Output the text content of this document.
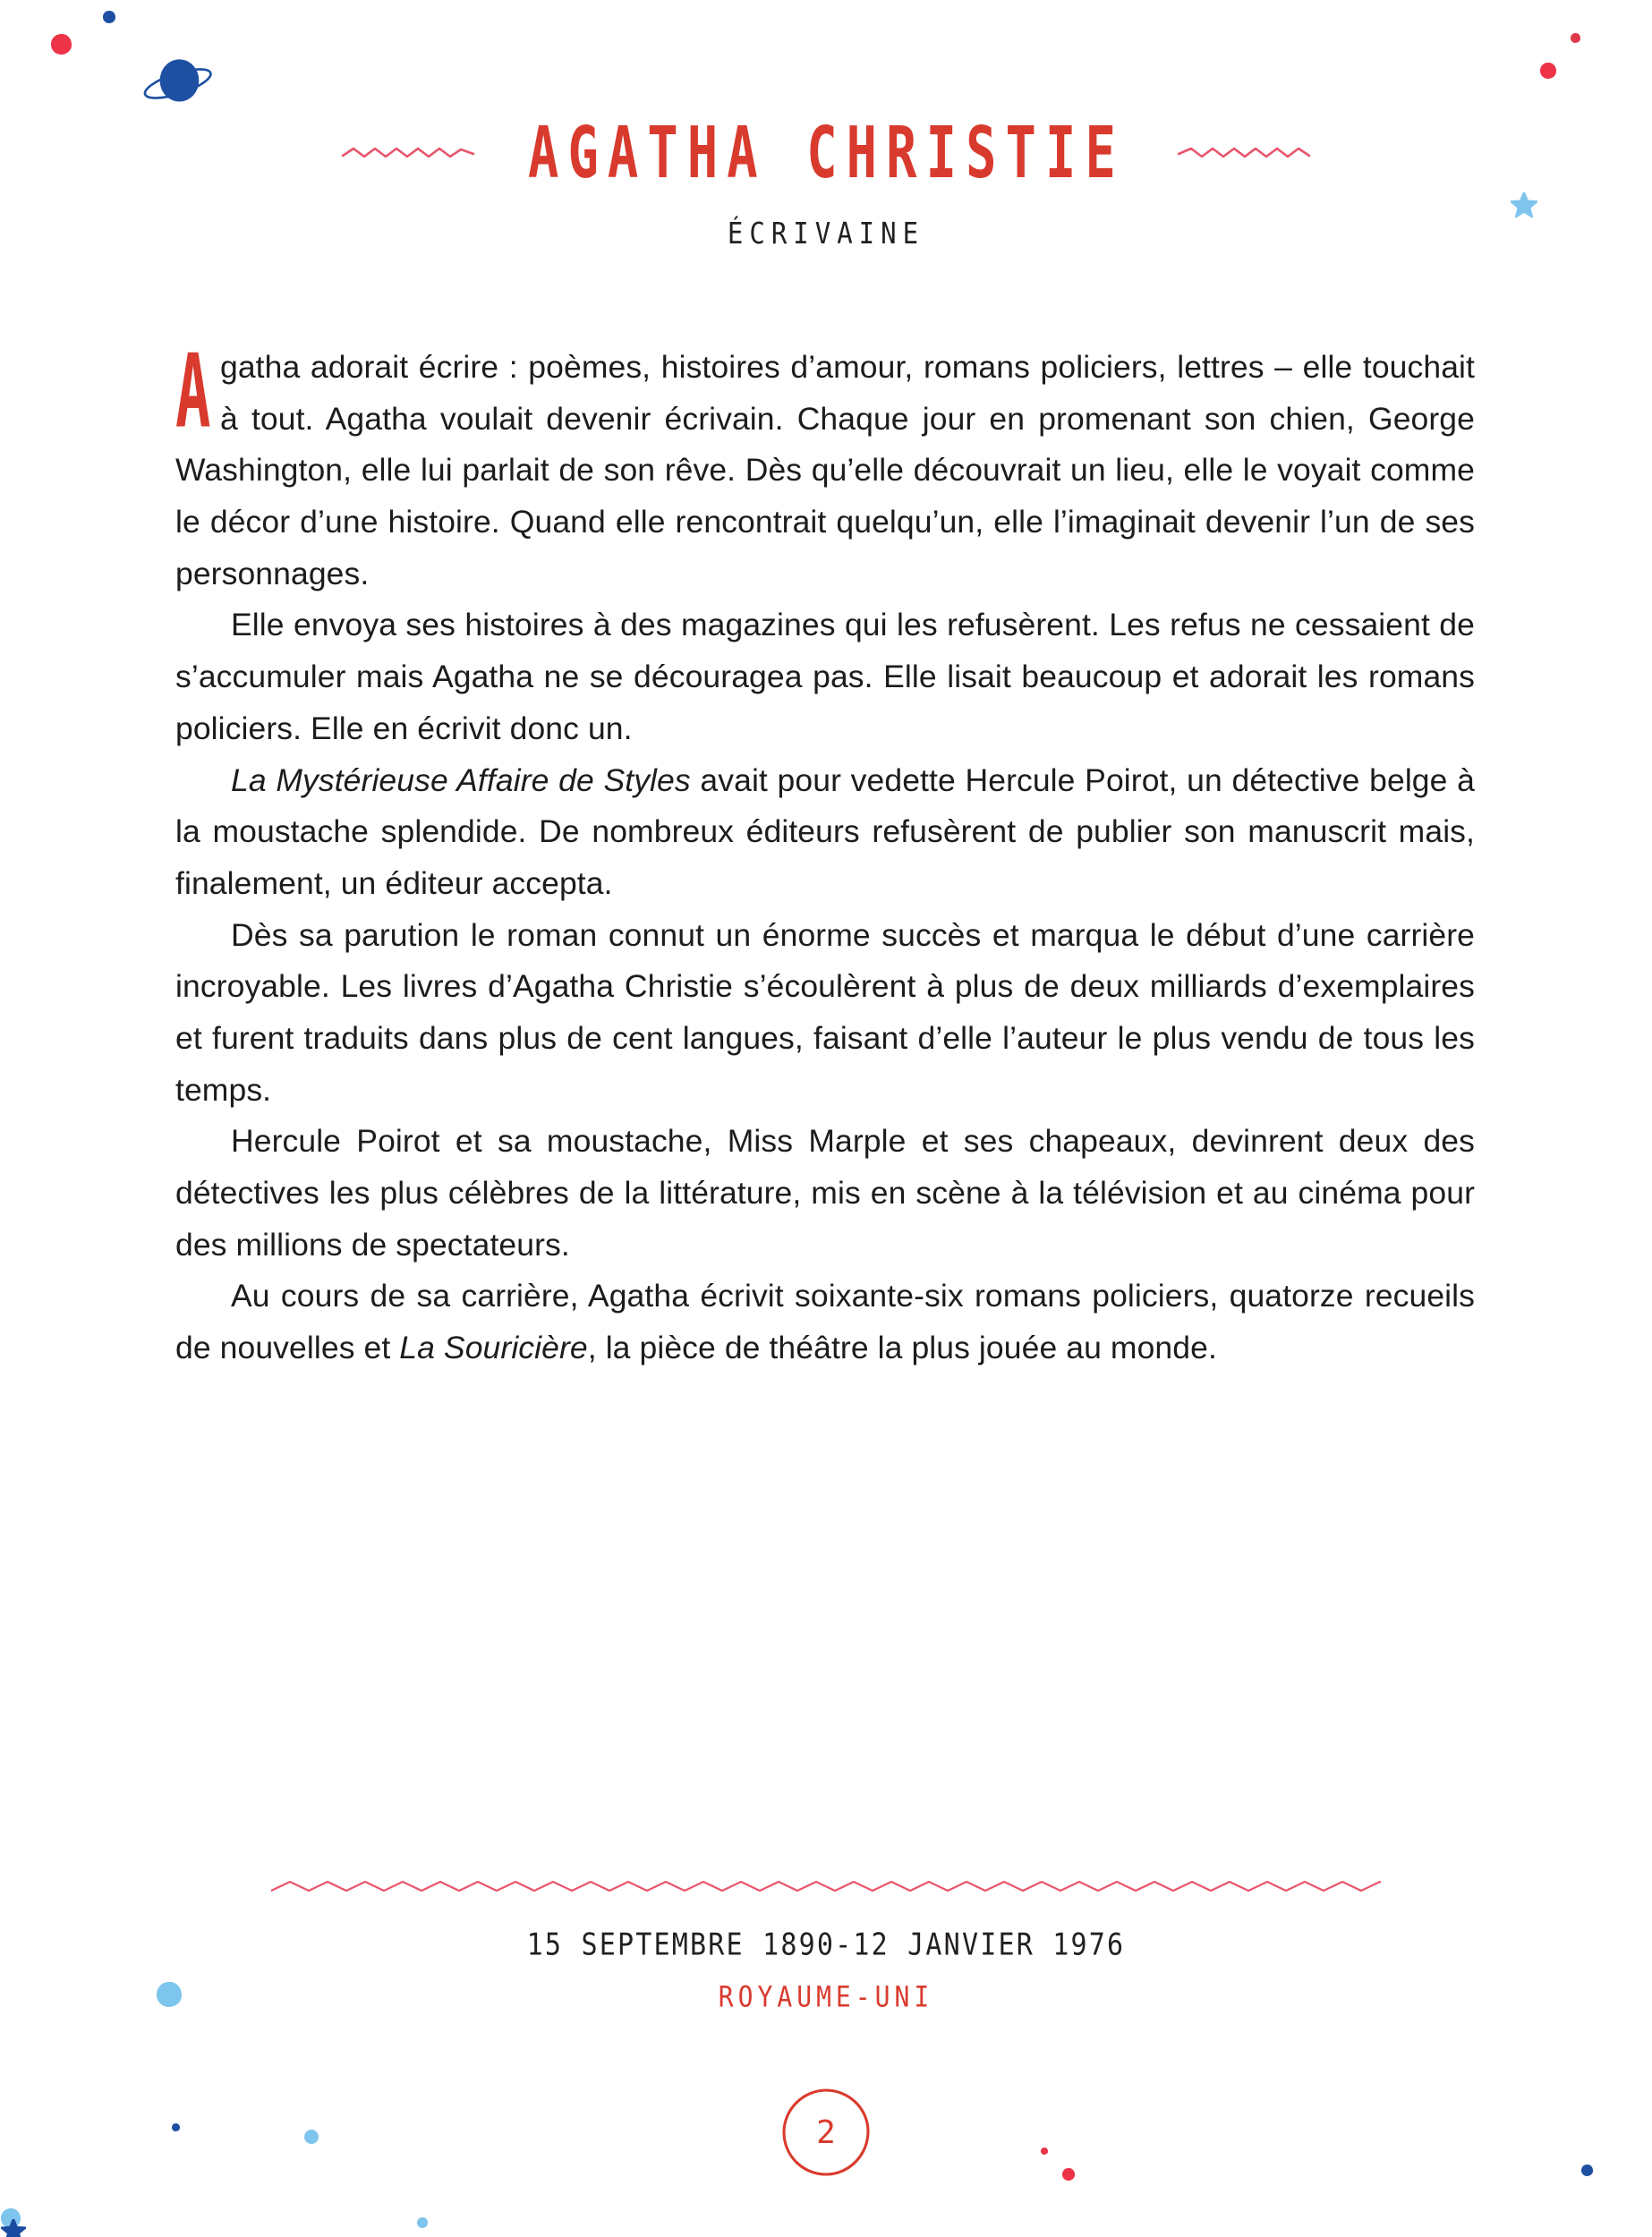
AGATHA CHRISTIE
ÉCRIVAINE

Agatha adorait écrire : poèmes, histoires d’amour, romans policiers, lettres – elle touchait à tout. Agatha voulait devenir écrivain. Chaque jour en promenant son chien, George Washington, elle lui parlait de son rêve. Dès qu’elle découvrait un lieu, elle le voyait comme le décor d’une histoire. Quand elle rencontrait quelqu’un, elle l’imaginait devenir l’un de ses personnages.

Elle envoya ses histoires à des magazines qui les refusèrent. Les refus ne cessaient de s’accumuler mais Agatha ne se découragea pas. Elle lisait beaucoup et adorait les romans policiers. Elle en écrivit donc un.

La Mystérieuse Affaire de Styles avait pour vedette Hercule Poirot, un détective belge à la moustache splendide. De nombreux éditeurs refusèrent de publier son manuscrit mais, finalement, un éditeur accepta.

Dès sa parution le roman connut un énorme succès et marqua le début d’une carrière incroyable. Les livres d’Agatha Christie s’écoulèrent à plus de deux milliards d’exemplaires et furent traduits dans plus de cent langues, faisant d’elle l’auteur le plus vendu de tous les temps.

Hercule Poirot et sa moustache, Miss Marple et ses chapeaux, devinrent deux des détectives les plus célèbres de la littérature, mis en scène à la télévision et au cinéma pour des millions de spectateurs.

Au cours de sa carrière, Agatha écrivit soixante-six romans policiers, quatorze recueils de nouvelles et La Souricière, la pièce de théâtre la plus jouée au monde.

15 SEPTEMBRE 1890-12 JANVIER 1976
ROYAUME-UNI
2
